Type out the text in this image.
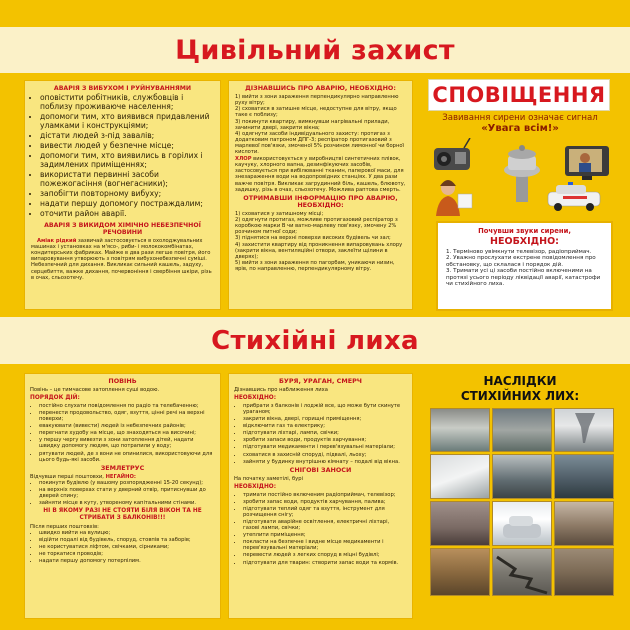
Цивільний захист
АВАРІЯ З ВИБУХОМ І РУЙНУВАННЯМИ
• оповістити робітників, службовців і поблизу проживаюче населення;
• допомоги тим, хто виявився придавлений уламками і конструкціями;
• дістати людей з-під завалів;
• вивести людей у безпечне місце;
• допомоги тим, хто виявились в горілих і задимлених приміщеннях;
• використати первинні засоби пожежогасіння (вогнегасники);
• запобігти повторному вибуху;
• надати першу допомогу постраждалим;
• оточити район аварії.
АВАРІЯ З ВИКИДОМ ХІМІЧНО НЕБЕЗПЕЧНОЇ РЕЧОВИНИ
Аміак рідкий зазвичай застосовується в охолоджувальних машинах і установках на м'ясо-, риби- і молококомбінатах, кондитерських фабриках. Майже в два рази легше повітря, його випаровування утворюють з повітрям вибухонебезпечні суміші. Небезпечний для дихання. Викликає сильний кашель, задуху, серцебиття, важке дихання, почервоніння і свербіння шкіри, різь в очах, сльозотечу.
ДІЗНАВШИСЬ ПРО АВАРІЮ, НЕОБХІДНО:
1) вийти з зони зараження перпендикулярно направленню руху вітру;
2) сховатися в затишне місце, недоступне для вітру, якщо таке є поблизу;
3) покинути квартиру, вимкнувши нагрівальні прилади, зачинити двері, закрити вікна;
4) одягнути засоби індивідуального захисту: протигаз з додатковим патроном ДПГ-3; респіратор протигазовий з марлевої пов'язки, змоченої 5% розчином лимонної чи борної кислоти.
ХЛОР використовується у виробництві синтетичних плівок, каучуку, хлорного вапна, дезинфікуючих засобів, застосовується при вибілюванні тканин, паперової маси, для знезараження води на водопровідних станціях. У два рази важче повітря. Викликає загрудинний біль, кашель, блювоту, задишку, різь в очах, сльозотечу. Можлива раптова смерть.
ОТРИМАВШИ ІНФОРМАЦІЮ ПРО АВАРІЮ, НЕОБХІДНО:
1) сховатися у затишному місці;
2) одягнути протигаз, можливе протигазовий респіратор з коробкою марки В чи ватно-марлеву пов'язку, змочену 2% розчином питної соди;
3) піднятися на верхні поверхи високих будівель чи зал;
4) захистити квартиру від проникнення випаровувань хлору (закрити вікна, вентиляційні отвори, заклеїти щілини в дверях);
5) вийти з зони зараження по пагорбам, уникаючи низин, ярів, по направленню, перпендикулярному вітру.
СПОВІЩЕННЯ
Завивання сирени означає сигнал
«Увага всім!»
Почувши звуки сирени,
НЕОБХІДНО:
1. Терміново увімкнути телевізор, радіоприймач.
2. Уважно прослухати екстрене повідомлення про обстановку, що склалася і порядок дій.
3. Тримати усі ці засоби постійно включеними на протязі усього періоду ліквідації аварії, катастрофи чи стихійного лиха.
Стихійні лиха
ПОВІНЬ
Повінь – це тимчасове затоплення суші водою.
ПОРЯДОК ДІЙ:
• постійно слухати повідомлення по радіо та телебаченню;
• перенести продовольство, одяг, взуття, цінні речі на верхні поверхи;
• евакуювати (вивести) людей із небезпечних районів;
• перегнати худобу на місце, що знаходяться на височині;
• у першу чергу вивезти з зони затоплення дітей, надати швидку допомогу людям, що потрапили у воду;
• рятувати людей, де з вони не опинилися, використовуючи для цього будь-які засоби.
ЗЕМЛЕТРУС
Відчувши перші поштовхи, НЕГАЙНО:
• покинути будівлю (у вашому розпорядженні 15-20 секунд);
• на верхніх поверхах стати у дверний отвір, притиснувши до дверей спину;
• зайняти місце в куту, утвореному капітальними стінами.
НІ В ЯКОМУ РАЗІ НЕ СТОЯТИ БІЛЯ ВІКОН ТА НЕ СТРИБАТИ З БАЛКОНІВ!!!
Після перших поштовхів:
• швидко вийти на вулицю;
• відійти подалі від будівель, споруд, стовпів та заборів;
• не користуватися ліфтом, свічками, сірниками;
• не торкатися проводів;
• надати першу допомогу потерпілим.
БУРЯ, УРАГАН, СМЕРЧ
Дізнавшись про наближення лиха
НЕОБХІДНО:
• прибрати з балконів і лоджій все, що може бути скинуте ураганом;
• закрити вікна, двері, горищні приміщення;
• відключити газ та електрику;
• підготувати ліхтарі, лампи, свічки;
• зробити запаси води, продуктів харчування;
• підготувати медикаменти і перев'язувальні матеріали;
• сховатися в захисній споруді, підвалі, льоху;
• зайняти у будинку внутрішню кімнату – подалі від вікна.
СНІГОВІ ЗАНОСИ
На початку заметілі, бурі
НЕОБХІДНО:
• тримати постійно включеним радіоприймач, телевізор;
• зробити запас води, продуктів харчування, палива;
• підготувати теплий одяг та взуття, інструмент для розчищення снігу;
• підготувати аварійне освітлення, електричні ліхтарі, газові лампи, свічки;
• утеплити приміщення;
• покласти на безпечне і видне місце медикаменти і перев'язувальні матеріали;
• перевести людей з легких споруд в міцні будівлі;
• підготувати для тварин: створити запас води та кормів.
НАСЛІДКИ
СТИХІЙНИХ ЛИХ:
